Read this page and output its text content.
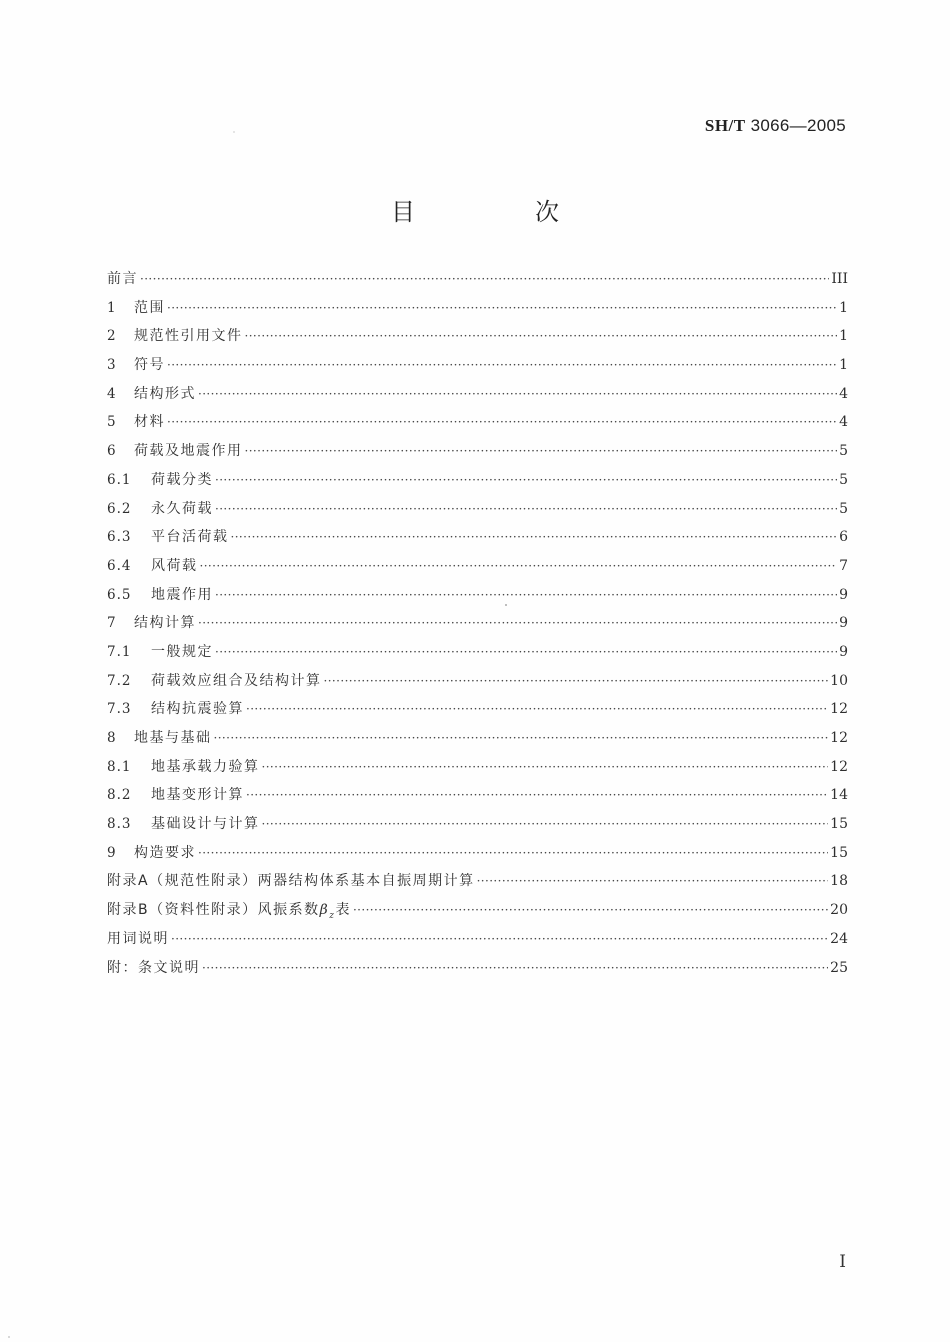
SH/T 3066—2005
目　次
前言 ·····	III
1	范围 ·····	1
2	规范性引用文件 ·····	1
3	符号 ·····	1
4	结构形式 ·····	4
5	材料 ·····	4
6	荷载及地震作用 ·····	5
6.1	荷载分类 ·····	5
6.2	永久荷载 ·····	5
6.3	平台活荷载 ·····	6
6.4	风荷载 ·····	7
6.5	地震作用 ·····	9
7	结构计算 ·····	9
7.1	一般规定 ·····	9
7.2	荷载效应组合及结构计算 ·····	10
7.3	结构抗震验算 ·····	12
8	地基与基础 ·····	12
8.1	地基承载力验算 ·····	12
8.2	地基变形计算 ·····	14
8.3	基础设计与计算 ·····	15
9	构造要求 ·····	15
附录A（规范性附录）两器结构体系基本自振周期计算 ·····	18
附录B（资料性附录）风振系数$\beta_z$表 ·····	20
用词说明 ·····	24
附：条文说明 ·····	25
I
